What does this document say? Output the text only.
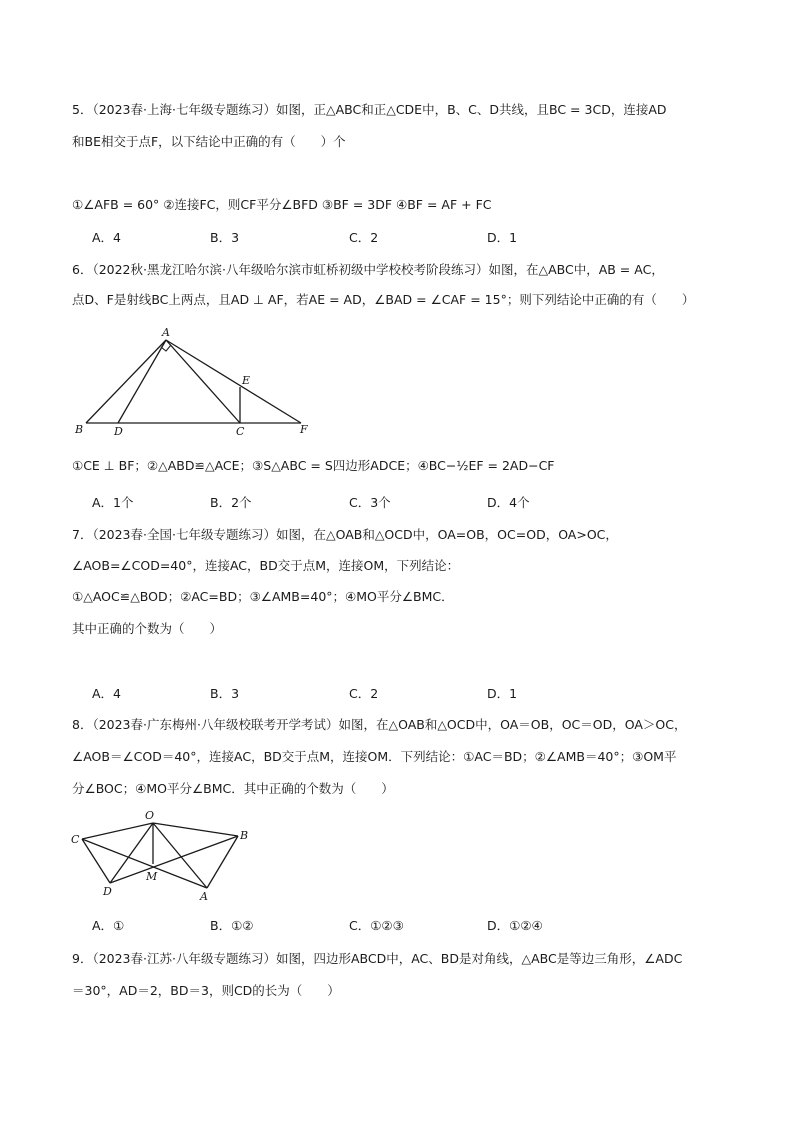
5．（2023春·上海·七年级专题练习）如图，正△ABC和正△CDE中，B、C、D共线，且BC = 3CD，连接AD
和BE相交于点F，以下结论中正确的有（　　）个
①∠AFB = 60° ②连接FC，则CF平分∠BFD ③BF = 3DF ④BF = AF + FC
A．4	B．3	C．2	D．1
6．（2022秋·黑龙江哈尔滨·八年级哈尔滨市虹桥初级中学校校考阶段练习）如图，在△ABC中，AB = AC，
点D、F是射线BC上两点，且AD ⊥ AF，若AE = AD，∠BAD = ∠CAF = 15°；则下列结论中正确的有（　　）
A
B	D	C
E
F
①CE ⊥ BF；②△ABD≌△ACE；③S△ABC = S四边形ADCE；④BC−½EF = 2AD−CF
A．1个	B．2个	C．3个	D．4个
7．（2023春·全国·七年级专题练习）如图，在△OAB和△OCD中，OA=OB，OC=OD，OA>OC，
∠AOB=∠COD=40°，连接AC，BD交于点M，连接OM，下列结论：
①△AOC≌△BOD；②AC=BD；③∠AMB=40°；④MO平分∠BMC．
其中正确的个数为（　　）
A．4	B．3	C．2	D．1
8．（2023春·广东梅州·八年级校联考开学考试）如图，在△OAB和△OCD中，OA＝OB，OC＝OD，OA＞OC，
∠AOB＝∠COD＝40°，连接AC，BD交于点M，连接OM．下列结论：①AC＝BD；②∠AMB＝40°；③OM平
分∠BOC；④MO平分∠BMC．其中正确的个数为（　　）
O
C	B
D
M
A
A．①	B．①②	C．①②③	D．①②④
9．（2023春·江苏·八年级专题练习）如图，四边形ABCD中，AC、BD是对角线，△ABC是等边三角形，∠ADC
＝30°，AD＝2，BD＝3，则CD的长为（　　）
